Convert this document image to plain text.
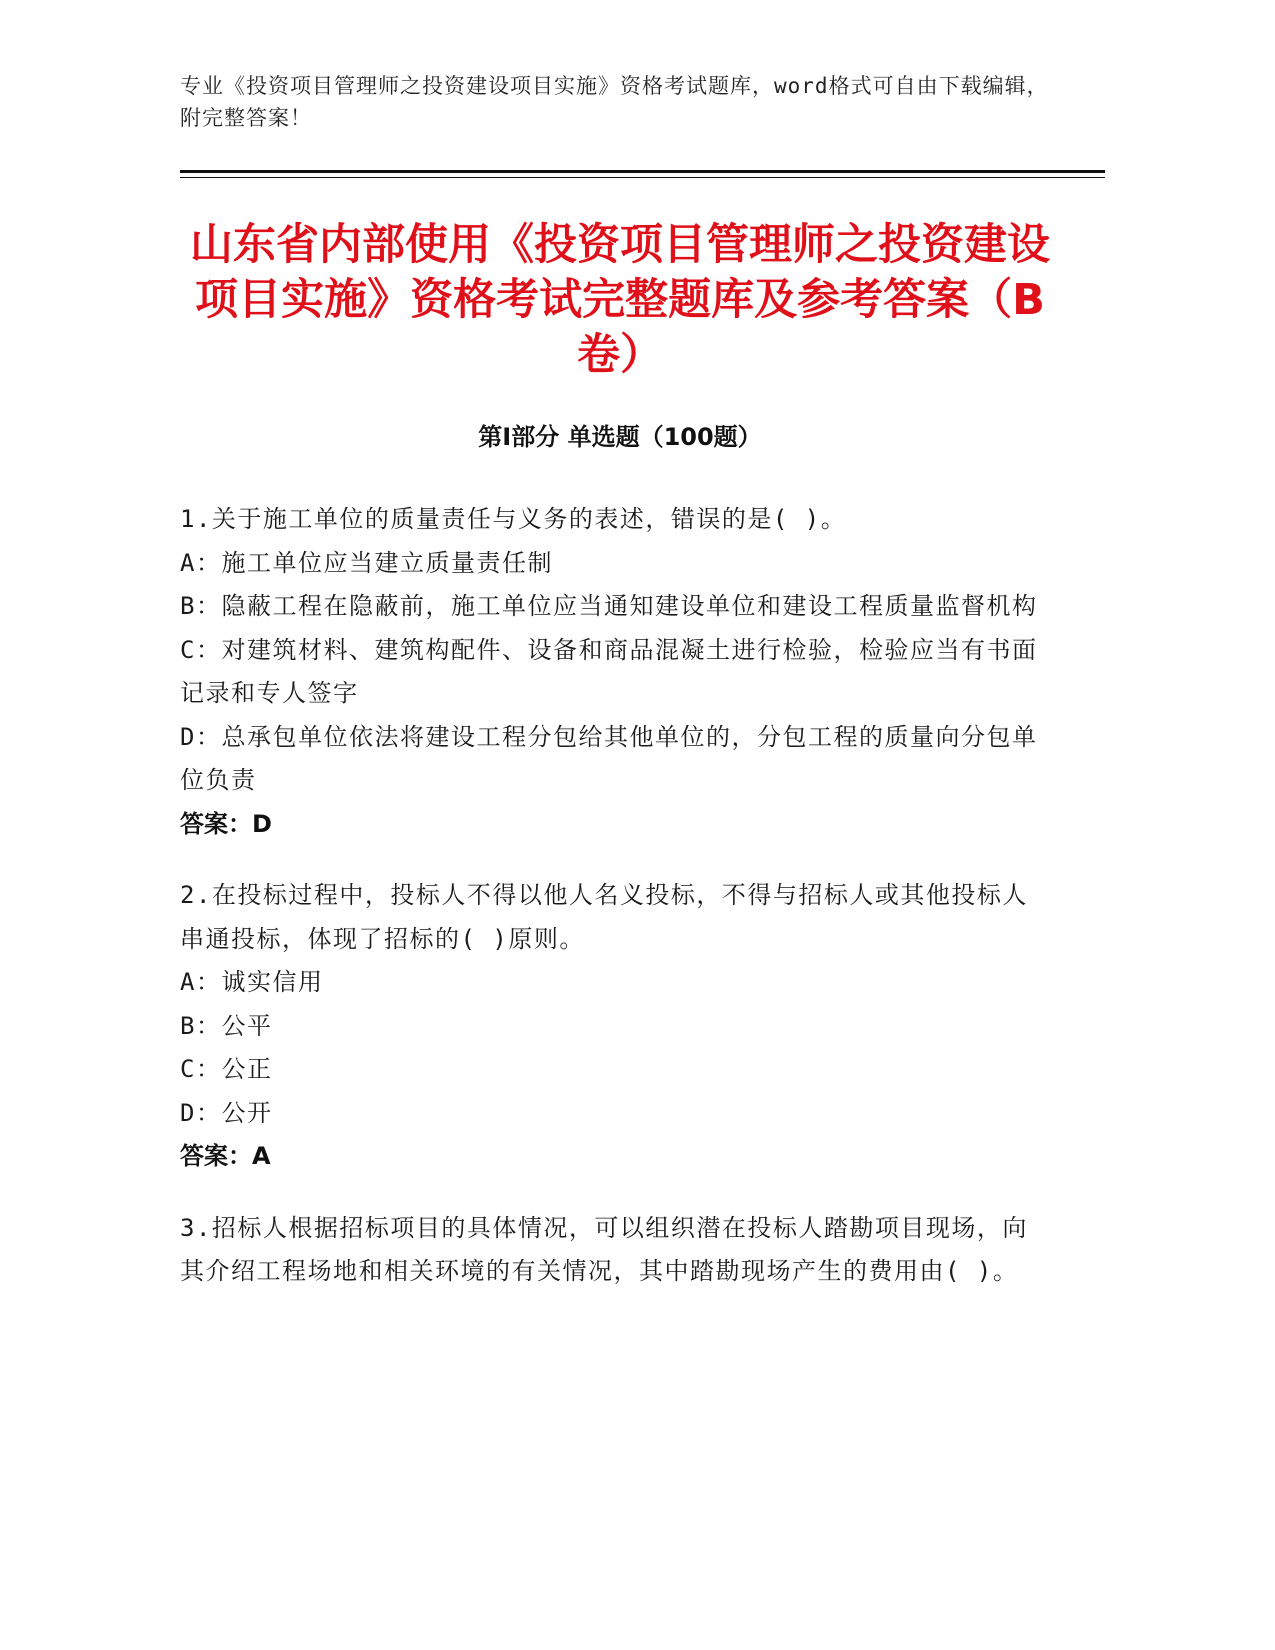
专业《投资项目管理师之投资建设项目实施》资格考试题库，word格式可自由下载编辑，附完整答案！
山东省内部使用《投资项目管理师之投资建设项目实施》资格考试完整题库及参考答案（B卷）
第I部分 单选题（100题）
1.关于施工单位的质量责任与义务的表述，错误的是( )。
A：施工单位应当建立质量责任制
B：隐蔽工程在隐蔽前，施工单位应当通知建设单位和建设工程质量监督机构
C：对建筑材料、建筑构配件、设备和商品混凝土进行检验，检验应当有书面记录和专人签字
D：总承包单位依法将建设工程分包给其他单位的，分包工程的质量向分包单位负责
答案：D
2.在投标过程中，投标人不得以他人名义投标，不得与招标人或其他投标人串通投标，体现了招标的( )原则。
A：诚实信用
B：公平
C：公正
D：公开
答案：A
3.招标人根据招标项目的具体情况，可以组织潜在投标人踏勘项目现场，向其介绍工程场地和相关环境的有关情况，其中踏勘现场产生的费用由( )。
